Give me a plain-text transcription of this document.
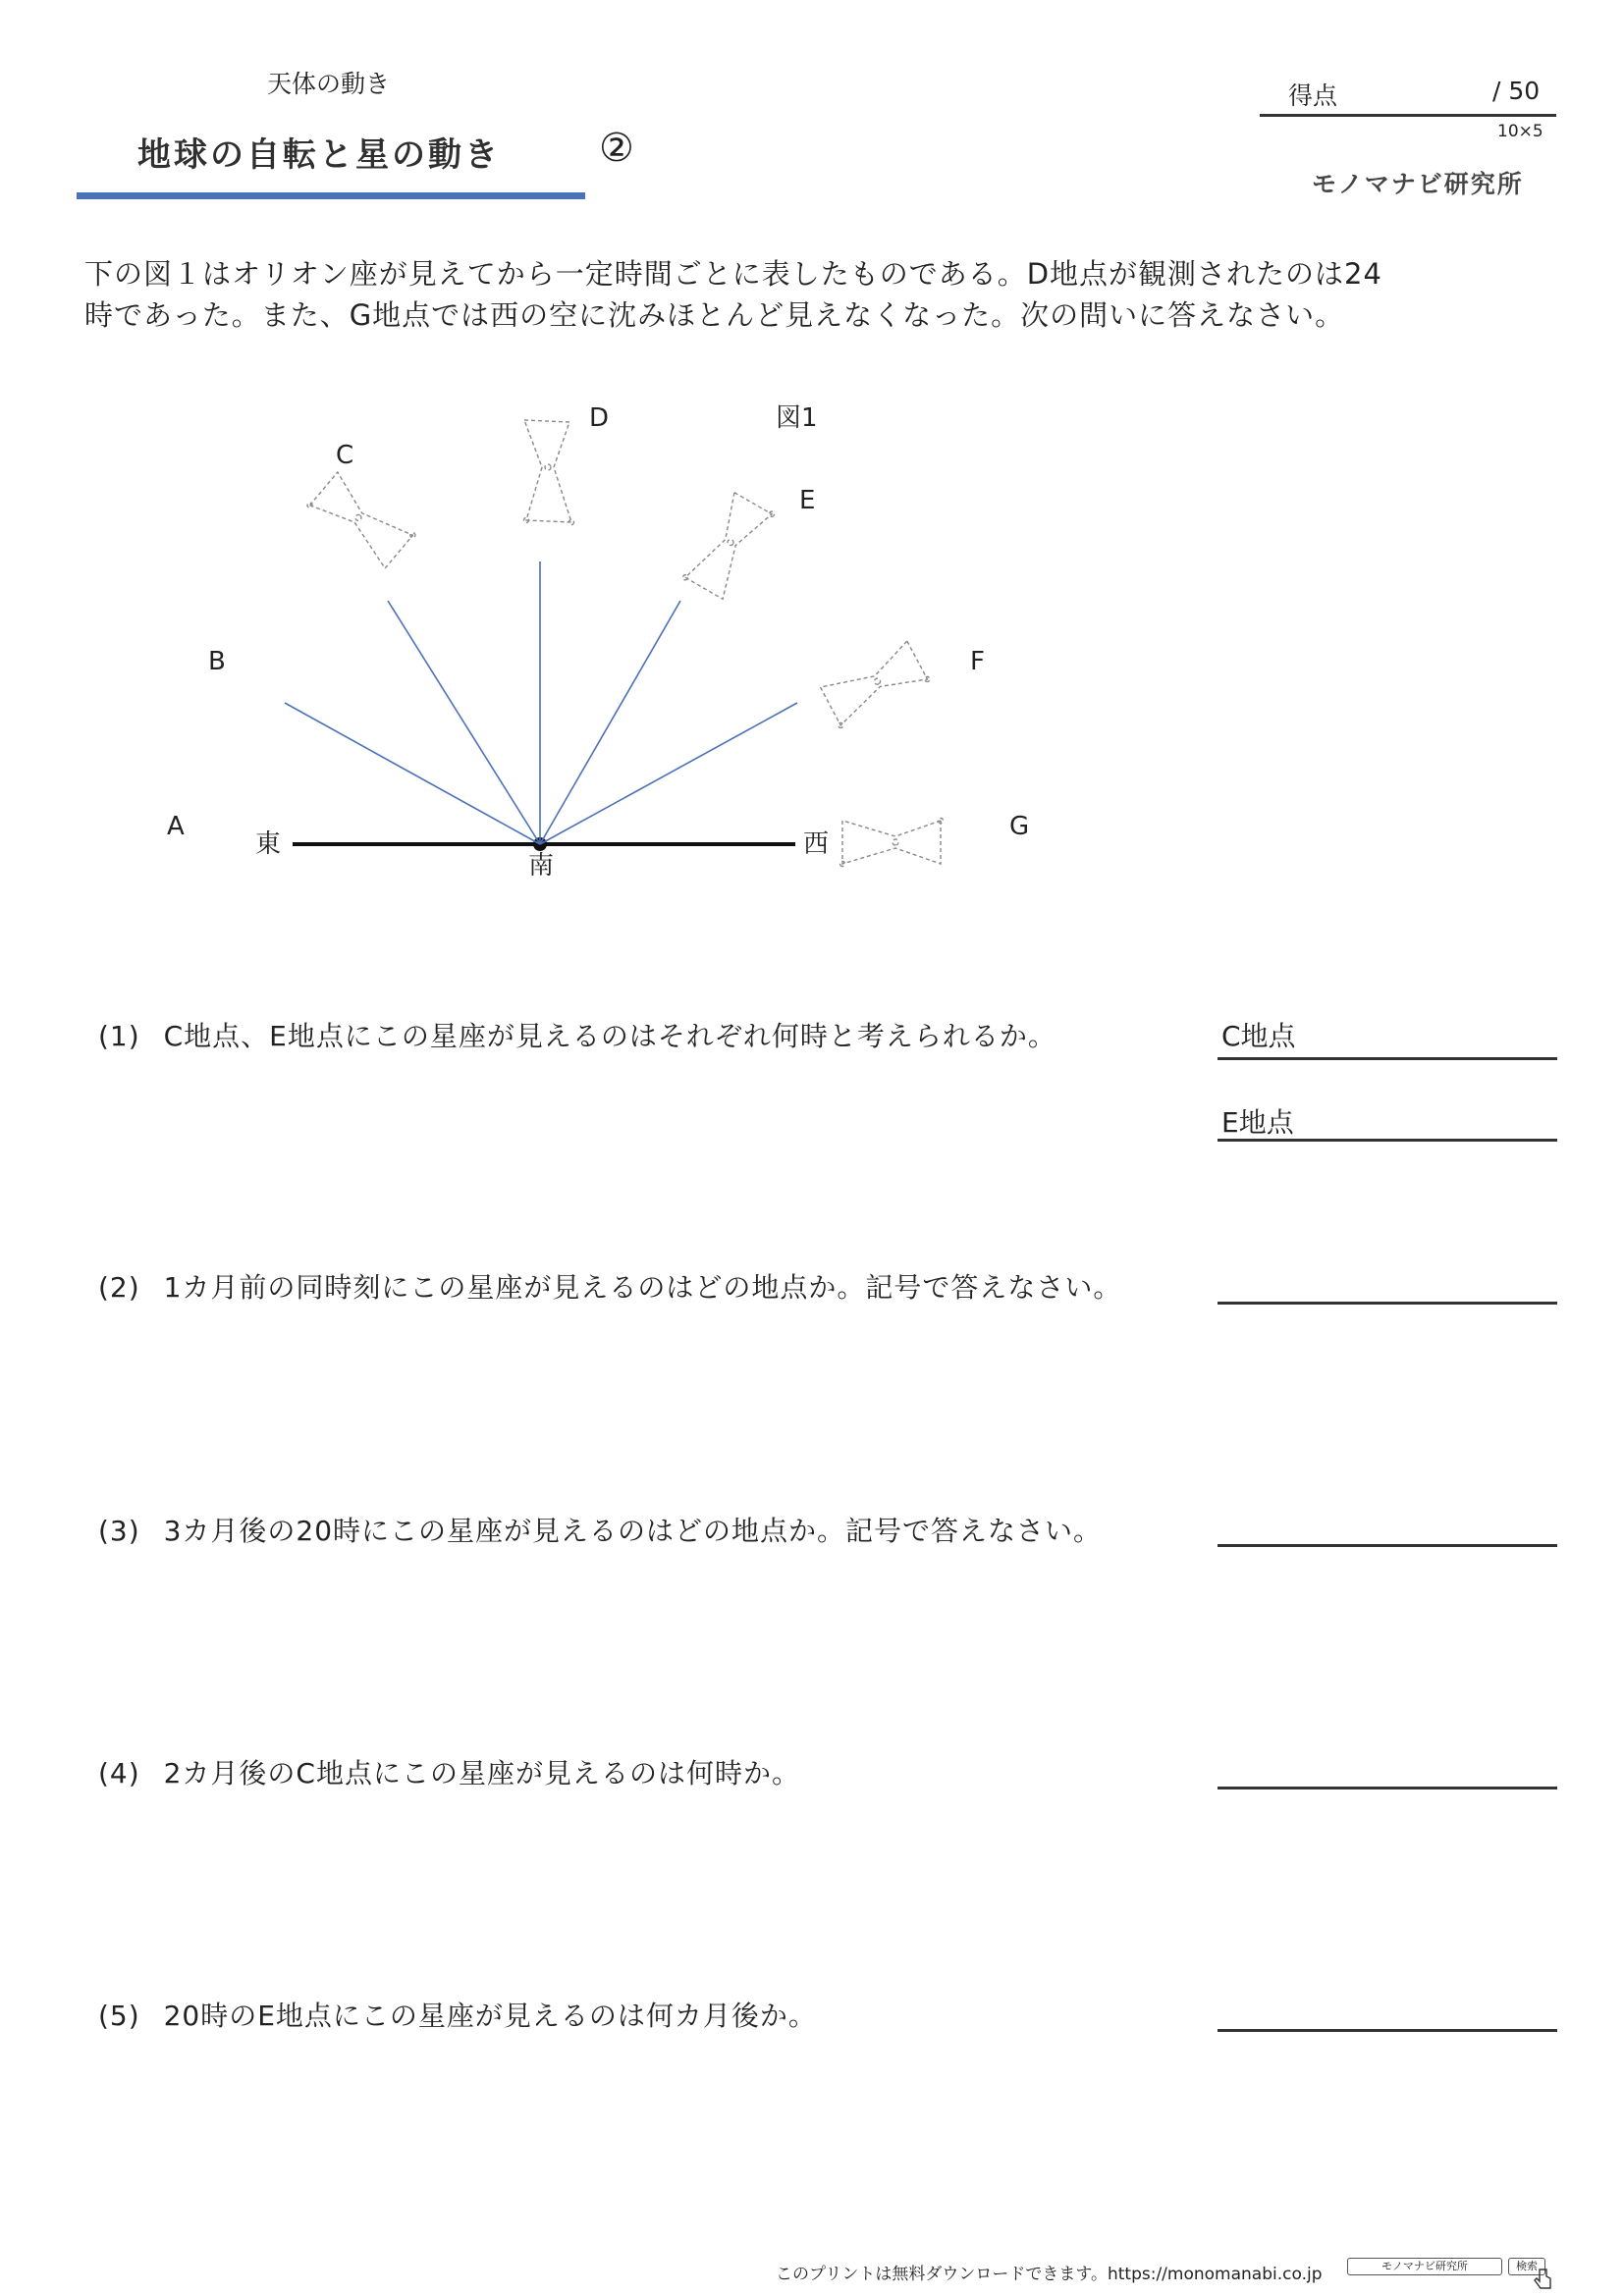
天体の動き
地球の自転と星の動き	②
得点	/ 50
10×5
モノマナビ研究所
下の図１はオリオン座が見えてから一定時間ごとに表したものである。D地点が観測されたのは24
時であった。また、G地点では西の空に沈みほとんど見えなくなった。次の問いに答えなさい。
図1
A
B
C
D
E
F
G
東
南
西
(1) C地点、E地点にこの星座が見えるのはそれぞれ何時と考えられるか。	C地点
E地点
(2) 1カ月前の同時刻にこの星座が見えるのはどの地点か。記号で答えなさい。
(3) 3カ月後の20時にこの星座が見えるのはどの地点か。記号で答えなさい。
(4) 2カ月後のC地点にこの星座が見えるのは何時か。
(5) 20時のE地点にこの星座が見えるのは何カ月後か。
このプリントは無料ダウンロードできます。https://monomanabi.co.jp	モノマナビ研究所	検索
